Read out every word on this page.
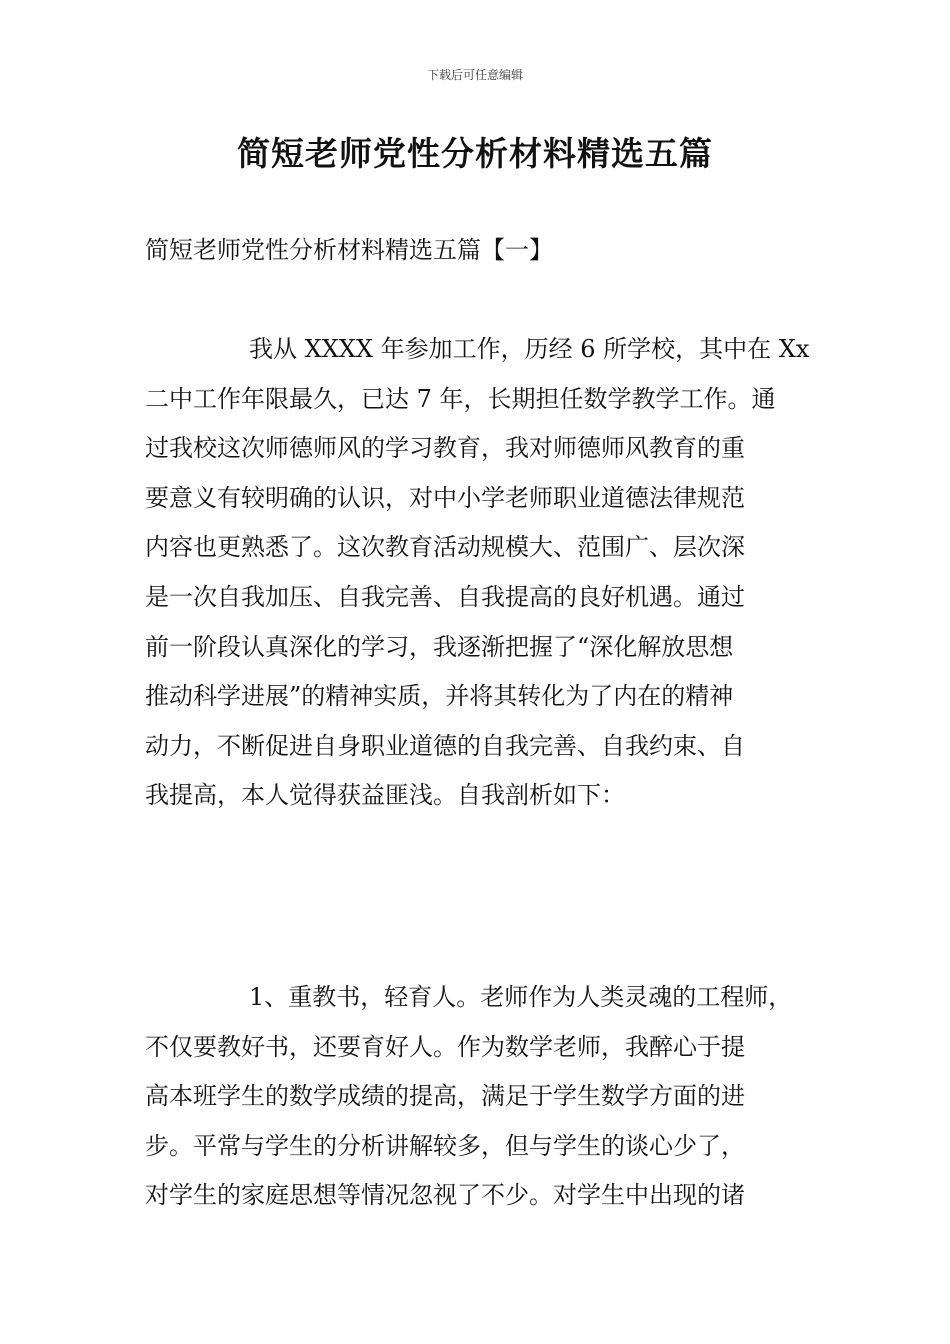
下载后可任意编辑
简短老师党性分析材料精选五篇
简短老师党性分析材料精选五篇【一】
我从 XXXX 年参加工作，历经 6 所学校，其中在 Xx
二中工作年限最久，已达 7 年，长期担任数学教学工作。通
过我校这次师德师风的学习教育，我对师德师风教育的重
要意义有较明确的认识，对中小学老师职业道德法律规范
内容也更熟悉了。这次教育活动规模大、范围广、层次深
是一次自我加压、自我完善、自我提高的良好机遇。通过
前一阶段认真深化的学习，我逐渐把握了“深化解放思想
推动科学进展”的精神实质，并将其转化为了内在的精神
动力，不断促进自身职业道德的自我完善、自我约束、自
我提高，本人觉得获益匪浅。自我剖析如下：
1、重教书，轻育人。老师作为人类灵魂的工程师，
不仅要教好书，还要育好人。作为数学老师，我醉心于提
高本班学生的数学成绩的提高，满足于学生数学方面的进
步。平常与学生的分析讲解较多，但与学生的谈心少了，
对学生的家庭思想等情况忽视了不少。对学生中出现的诸
